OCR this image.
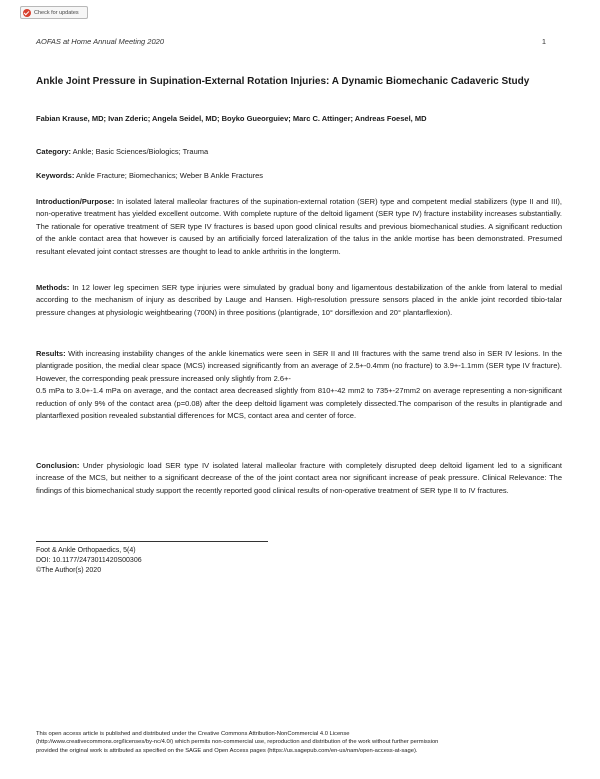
Check for updates
AOFAS at Home Annual Meeting 2020	1
Ankle Joint Pressure in Supination-External Rotation Injuries: A Dynamic Biomechanic Cadaveric Study
Fabian Krause, MD; Ivan Zderic; Angela Seidel, MD; Boyko Gueorguiev; Marc C. Attinger; Andreas Foesel, MD

Category: Ankle; Basic Sciences/Biologics; Trauma

Keywords: Ankle Fracture; Biomechanics; Weber B Ankle Fractures

Introduction/Purpose: In isolated lateral malleolar fractures of the supination-external rotation (SER) type and competent medial stabilizers (type II and III), non-operative treatment has yielded excellent outcome. With complete rupture of the deltoid ligament (SER type IV) fracture instability increases substantially. The rationale for operative treatment of SER type IV fractures is based upon good clinical results and previous biomechanical studies. A significant reduction of the ankle contact area that however is caused by an artificially forced lateralization of the talus in the ankle mortise has been demonstrated. Presumed resultant elevated joint contact stresses are thought to lead to ankle arthritis in the longterm.

Methods: In 12 lower leg specimen SER type injuries were simulated by gradual bony and ligamentous destabilization of the ankle from lateral to medial according to the mechanism of injury as described by Lauge and Hansen. High-resolution pressure sensors placed in the ankle joint recorded tibio-talar pressure changes at physiologic weightbearing (700N) in three positions (plantigrade, 10° dorsiflexion and 20° plantarflexion).

Results: With increasing instability changes of the ankle kinematics were seen in SER II and III fractures with the same trend also in SER IV lesions. In the plantigrade position, the medial clear space (MCS) increased significantly from an average of 2.5+-0.4mm (no fracture) to 3.9+-1.1mm (SER type IV fracture). However, the corresponding peak pressure increased only slightly from 2.6+-
0.5 mPa to 3.0+-1.4 mPa on average, and the contact area decreased slightly from 810+-42 mm2 to 735+-27mm2 on average representing a non-significant reduction of only 9% of the contact area (p=0.08) after the deep deltoid ligament was completely dissected.The comparison of the results in plantigrade and plantarflexed position revealed substantial differences for MCS, contact area and center of force.

Conclusion: Under physiologic load SER type IV isolated lateral malleolar fracture with completely disrupted deep deltoid ligament led to a significant increase of the MCS, but neither to a significant decrease of the of the joint contact area nor significant increase of peak pressure. Clinical Relevance: The findings of this biomechanical study support the recently reported good clinical results of non-operative treatment of SER type II to IV fractures.

Foot & Ankle Orthopaedics, 5(4)
DOI: 10.1177/2473011420S00306
©The Author(s) 2020
This open access article is published and distributed under the Creative Commons Attribution-NonCommercial 4.0 License
(http://www.creativecommons.org/licenses/by-nc/4.0/) which permits non-commercial use, reproduction and distribution of the work without further permission
provided the original work is attributed as specified on the SAGE and Open Access pages (https://us.sagepub.com/en-us/nam/open-access-at-sage).
